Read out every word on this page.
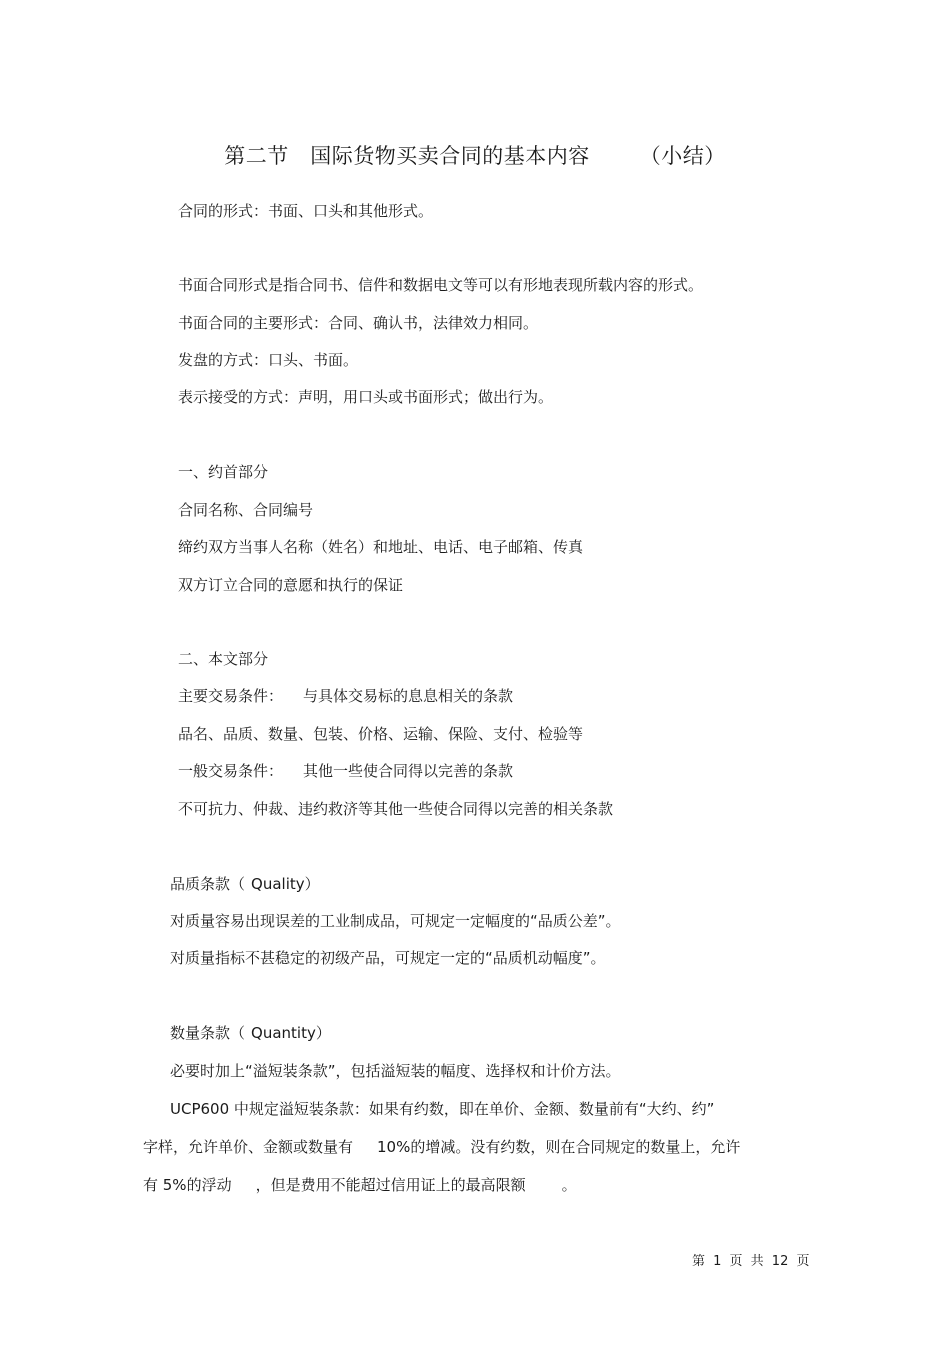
第二节　国际货物买卖合同的基本内容 （小结）
合同的形式：书面、口头和其他形式。
书面合同形式是指合同书、信件和数据电文等可以有形地表现所载内容的形式。
书面合同的主要形式：合同、确认书，法律效力相同。
发盘的方式：口头、书面。
表示接受的方式：声明，用口头或书面形式；做出行为。
一、约首部分
合同名称、合同编号
缔约双方当事人名称（姓名）和地址、电话、电子邮箱、传真
双方订立合同的意愿和执行的保证
二、本文部分
主要交易条件： 与具体交易标的息息相关的条款
品名、品质、数量、包装、价格、运输、保险、支付、检验等
一般交易条件： 其他一些使合同得以完善的条款
不可抗力、仲裁、违约救济等其他一些使合同得以完善的相关条款
品质条款（ Quality）
对质量容易出现误差的工业制成品，可规定一定幅度的“品质公差”。
对质量指标不甚稳定的初级产品，可规定一定的“品质机动幅度”。
数量条款（ Quantity）
必要时加上“溢短装条款”，包括溢短装的幅度、选择权和计价方法。
UCP600 中规定溢短装条款：如果有约数，即在单价、金额、数量前有“大约、约”
字样，允许单价、金额或数量有 10%的增减。没有约数，则在合同规定的数量上，允许
有 5%的浮动 ，但是费用不能超过信用证上的最高限额 。
第 1 页 共 12 页
